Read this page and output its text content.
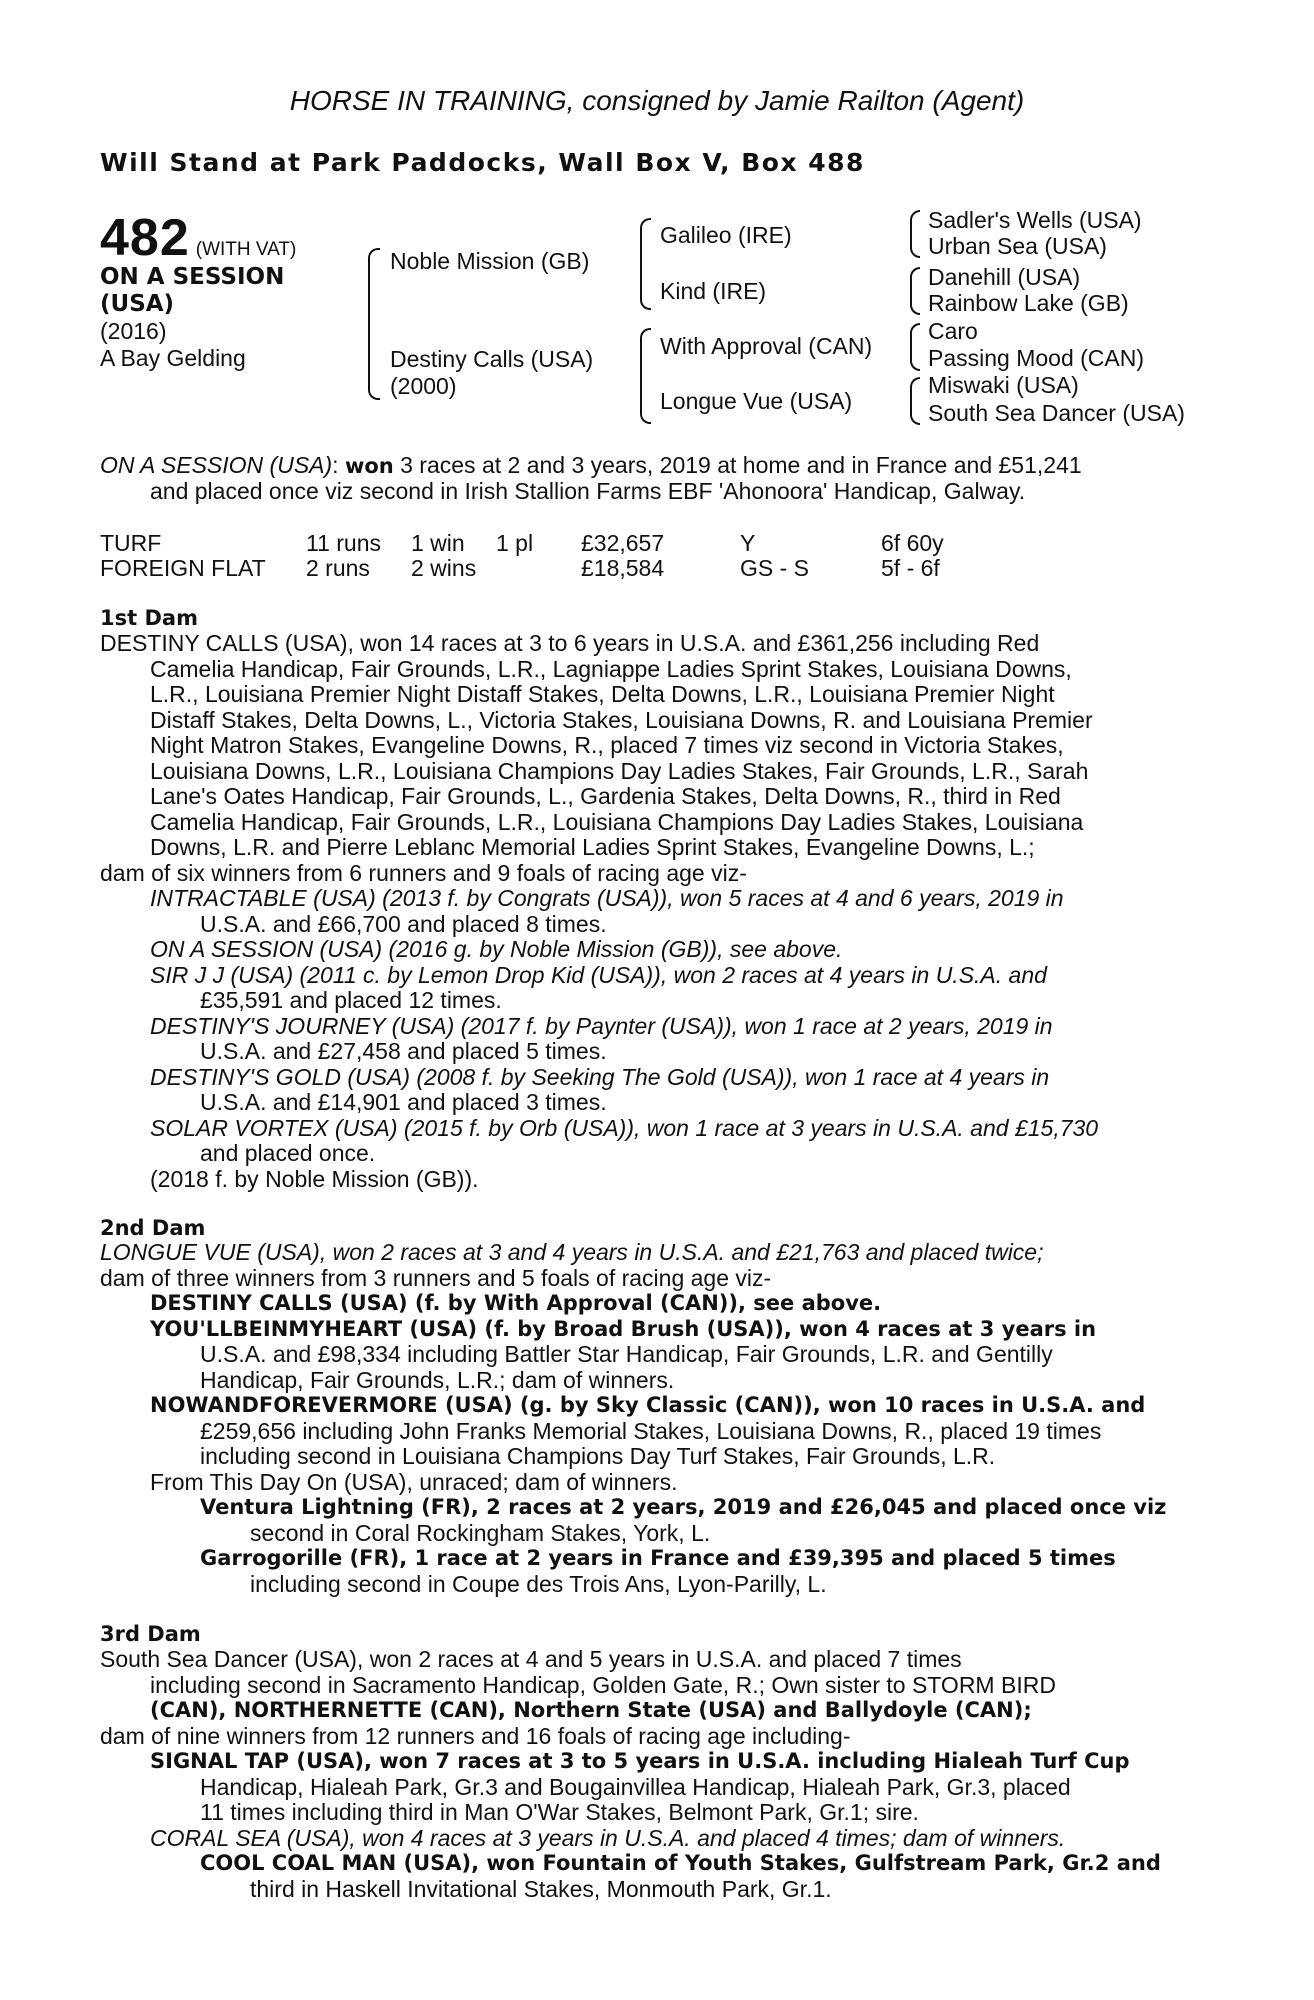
HORSE IN TRAINING, consigned by Jamie Railton (Agent)
Will Stand at Park Paddocks, Wall Box V, Box 488
482 (WITH VAT)
ON A SESSION
(USA)
(2016)
A Bay Gelding
Noble Mission (GB)
Destiny Calls (USA)
(2000)
Galileo (IRE)
Kind (IRE)
With Approval (CAN)
Longue Vue (USA)
Sadler's Wells (USA)
Urban Sea (USA)
Danehill (USA)
Rainbow Lake (GB)
Caro
Passing Mood (CAN)
Miswaki (USA)
South Sea Dancer (USA)
ON A SESSION (USA): won 3 races at 2 and 3 years, 2019 at home and in France and £51,241
and placed once viz second in Irish Stallion Farms EBF 'Ahonoora' Handicap, Galway.
TURF	11 runs 1 win 1 pl £32,657	Y	6f 60y
FOREIGN FLAT 2 runs 2 wins	£18,584	GS - S	5f - 6f
1st Dam
DESTINY CALLS (USA), won 14 races at 3 to 6 years in U.S.A. and £361,256 including Red
Camelia Handicap, Fair Grounds, L.R., Lagniappe Ladies Sprint Stakes, Louisiana Downs,
L.R., Louisiana Premier Night Distaff Stakes, Delta Downs, L.R., Louisiana Premier Night
Distaff Stakes, Delta Downs, L., Victoria Stakes, Louisiana Downs, R. and Louisiana Premier
Night Matron Stakes, Evangeline Downs, R., placed 7 times viz second in Victoria Stakes,
Louisiana Downs, L.R., Louisiana Champions Day Ladies Stakes, Fair Grounds, L.R., Sarah
Lane's Oates Handicap, Fair Grounds, L., Gardenia Stakes, Delta Downs, R., third in Red
Camelia Handicap, Fair Grounds, L.R., Louisiana Champions Day Ladies Stakes, Louisiana
Downs, L.R. and Pierre Leblanc Memorial Ladies Sprint Stakes, Evangeline Downs, L.;
dam of six winners from 6 runners and 9 foals of racing age viz-
INTRACTABLE (USA) (2013 f. by Congrats (USA)), won 5 races at 4 and 6 years, 2019 in
U.S.A. and £66,700 and placed 8 times.
ON A SESSION (USA) (2016 g. by Noble Mission (GB)), see above.
SIR J J (USA) (2011 c. by Lemon Drop Kid (USA)), won 2 races at 4 years in U.S.A. and
£35,591 and placed 12 times.
DESTINY'S JOURNEY (USA) (2017 f. by Paynter (USA)), won 1 race at 2 years, 2019 in
U.S.A. and £27,458 and placed 5 times.
DESTINY'S GOLD (USA) (2008 f. by Seeking The Gold (USA)), won 1 race at 4 years in
U.S.A. and £14,901 and placed 3 times.
SOLAR VORTEX (USA) (2015 f. by Orb (USA)), won 1 race at 3 years in U.S.A. and £15,730
and placed once.
(2018 f. by Noble Mission (GB)).
2nd Dam
LONGUE VUE (USA), won 2 races at 3 and 4 years in U.S.A. and £21,763 and placed twice;
dam of three winners from 3 runners and 5 foals of racing age viz-
DESTINY CALLS (USA) (f. by With Approval (CAN)), see above.
YOU'LLBEINMYHEART (USA) (f. by Broad Brush (USA)), won 4 races at 3 years in
U.S.A. and £98,334 including Battler Star Handicap, Fair Grounds, L.R. and Gentilly
Handicap, Fair Grounds, L.R.; dam of winners.
NOWANDFOREVERMORE (USA) (g. by Sky Classic (CAN)), won 10 races in U.S.A. and
£259,656 including John Franks Memorial Stakes, Louisiana Downs, R., placed 19 times
including second in Louisiana Champions Day Turf Stakes, Fair Grounds, L.R.
From This Day On (USA), unraced; dam of winners.
Ventura Lightning (FR), 2 races at 2 years, 2019 and £26,045 and placed once viz
second in Coral Rockingham Stakes, York, L.
Garrogorille (FR), 1 race at 2 years in France and £39,395 and placed 5 times
including second in Coupe des Trois Ans, Lyon-Parilly, L.
3rd Dam
South Sea Dancer (USA), won 2 races at 4 and 5 years in U.S.A. and placed 7 times
including second in Sacramento Handicap, Golden Gate, R.; Own sister to STORM BIRD
(CAN), NORTHERNETTE (CAN), Northern State (USA) and Ballydoyle (CAN);
dam of nine winners from 12 runners and 16 foals of racing age including-
SIGNAL TAP (USA), won 7 races at 3 to 5 years in U.S.A. including Hialeah Turf Cup
Handicap, Hialeah Park, Gr.3 and Bougainvillea Handicap, Hialeah Park, Gr.3, placed
11 times including third in Man O'War Stakes, Belmont Park, Gr.1; sire.
CORAL SEA (USA), won 4 races at 3 years in U.S.A. and placed 4 times; dam of winners.
COOL COAL MAN (USA), won Fountain of Youth Stakes, Gulfstream Park, Gr.2 and
third in Haskell Invitational Stakes, Monmouth Park, Gr.1.
